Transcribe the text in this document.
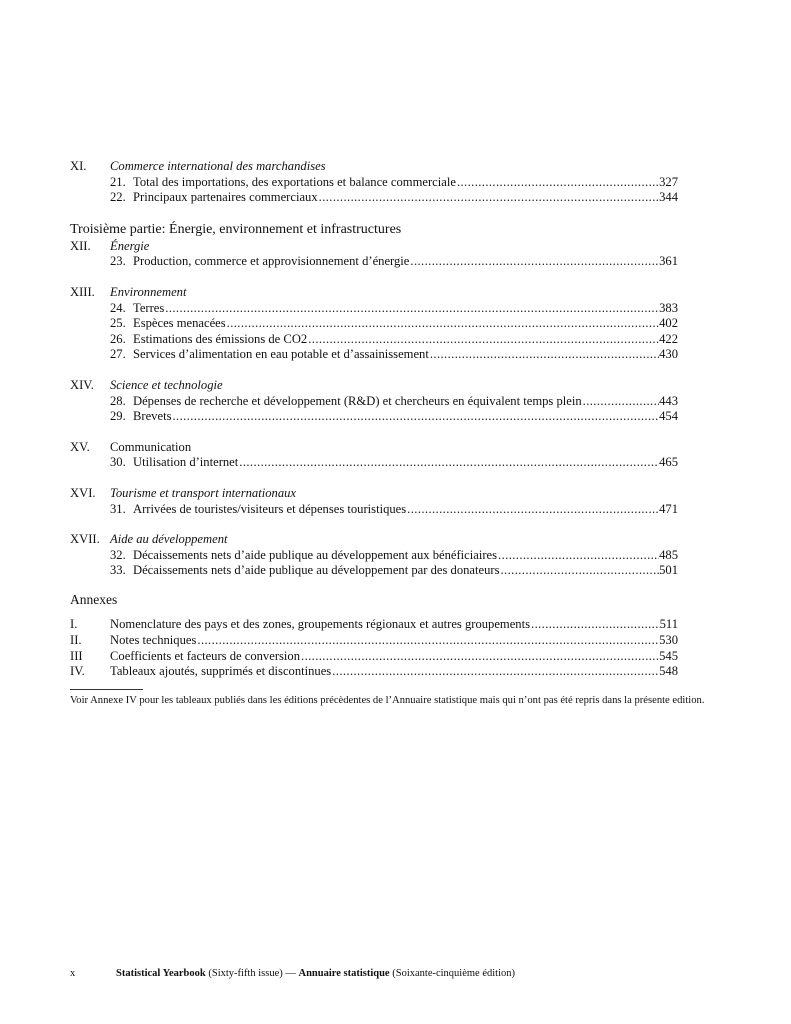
XI.	Commerce international des marchandises
21. Total des importations, des exportations et balance commerciale .....	327
22. Principaux partenaires commerciaux .....	344
Troisième partie: Énergie, environnement et infrastructures
XII.	Énergie
23. Production, commerce et approvisionnement d’énergie .....	361
XIII.	Environnement
24. Terres .....	383
25. Espèces menacées .....	402
26. Estimations des émissions de CO2 .....	422
27. Services d’alimentation en eau potable et d’assainissement .....	430
XIV.	Science et technologie
28. Dépenses de recherche et développement (R&D) et chercheurs en équivalent temps plein .....	443
29. Brevets .....	454
XV.	Communication
30. Utilisation d’internet .....	465
XVI.	Tourisme et transport internationaux
31. Arrivées de touristes/visiteurs et dépenses touristiques .....	471
XVII. Aide au développement
32. Décaissements nets d’aide publique au développement aux bénéficiaires .....	485
33. Décaissements nets d’aide publique au développement par des donateurs .....	501
Annexes
I.	Nomenclature des pays et des zones, groupements régionaux et autres groupements .....	511
II.	Notes techniques .....	530
III	Coefficients et facteurs de conversion .....	545
IV.	Tableaux ajoutés, supprimés et discontinues .....	548
Voir Annexe IV pour les tableaux publiés dans les éditions précèdentes de l’Annuaire statistique mais qui n’ont pas été repris dans la présente edition.
x	Statistical Yearbook (Sixty-fifth issue) — Annuaire statistique (Soixante-cinquième édition)
